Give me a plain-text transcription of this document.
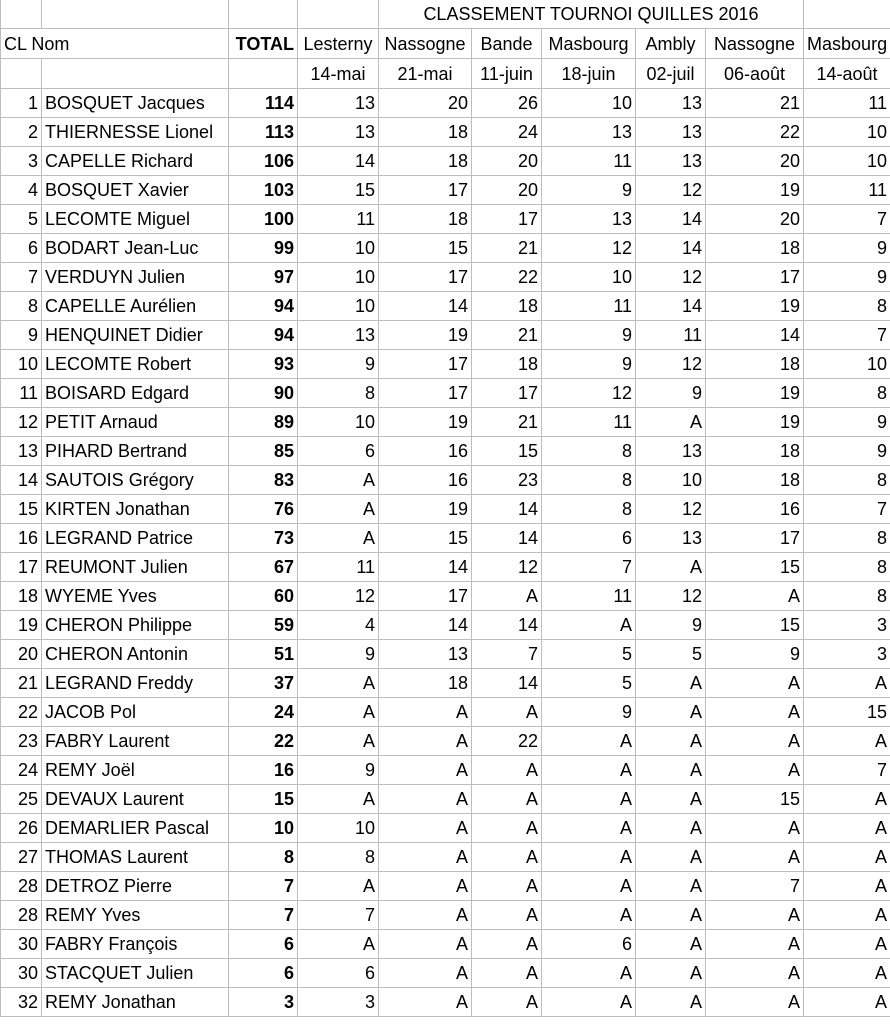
				CLASSEMENT TOURNOI QUILLES 2016					
CL Nom		TOTAL	Lesterny	Nassogne	Bande	Masbourg	Ambly	Nassogne	Masbourg
			14-mai	21-mai	11-juin	18-juin	02-juil	06-août	14-août
1	BOSQUET Jacques	114	13	20	26	10	13	21	11
2	THIERNESSE Lionel	113	13	18	24	13	13	22	10
3	CAPELLE Richard	106	14	18	20	11	13	20	10
4	BOSQUET Xavier	103	15	17	20	9	12	19	11
5	LECOMTE Miguel	100	11	18	17	13	14	20	7
6	BODART Jean-Luc	99	10	15	21	12	14	18	9
7	VERDUYN Julien	97	10	17	22	10	12	17	9
8	CAPELLE Aurélien	94	10	14	18	11	14	19	8
9	HENQUINET Didier	94	13	19	21	9	11	14	7
10	LECOMTE Robert	93	9	17	18	9	12	18	10
11	BOISARD Edgard	90	8	17	17	12	9	19	8
12	PETIT Arnaud	89	10	19	21	11	A	19	9
13	PIHARD Bertrand	85	6	16	15	8	13	18	9
14	SAUTOIS Grégory	83	A	16	23	8	10	18	8
15	KIRTEN Jonathan	76	A	19	14	8	12	16	7
16	LEGRAND Patrice	73	A	15	14	6	13	17	8
17	REUMONT Julien	67	11	14	12	7	A	15	8
18	WYEME Yves	60	12	17	A	11	12	A	8
19	CHERON Philippe	59	4	14	14	A	9	15	3
20	CHERON Antonin	51	9	13	7	5	5	9	3
21	LEGRAND Freddy	37	A	18	14	5	A	A	A
22	JACOB Pol	24	A	A	A	9	A	A	15
23	FABRY Laurent	22	A	A	22	A	A	A	A
24	REMY Joël	16	9	A	A	A	A	A	7
25	DEVAUX Laurent	15	A	A	A	A	A	15	A
26	DEMARLIER Pascal	10	10	A	A	A	A	A	A
27	THOMAS Laurent	8	8	A	A	A	A	A	A
28	DETROZ Pierre	7	A	A	A	A	A	7	A
28	REMY Yves	7	7	A	A	A	A	A	A
30	FABRY François	6	A	A	A	6	A	A	A
30	STACQUET Julien	6	6	A	A	A	A	A	A
32	REMY Jonathan	3	3	A	A	A	A	A	A
